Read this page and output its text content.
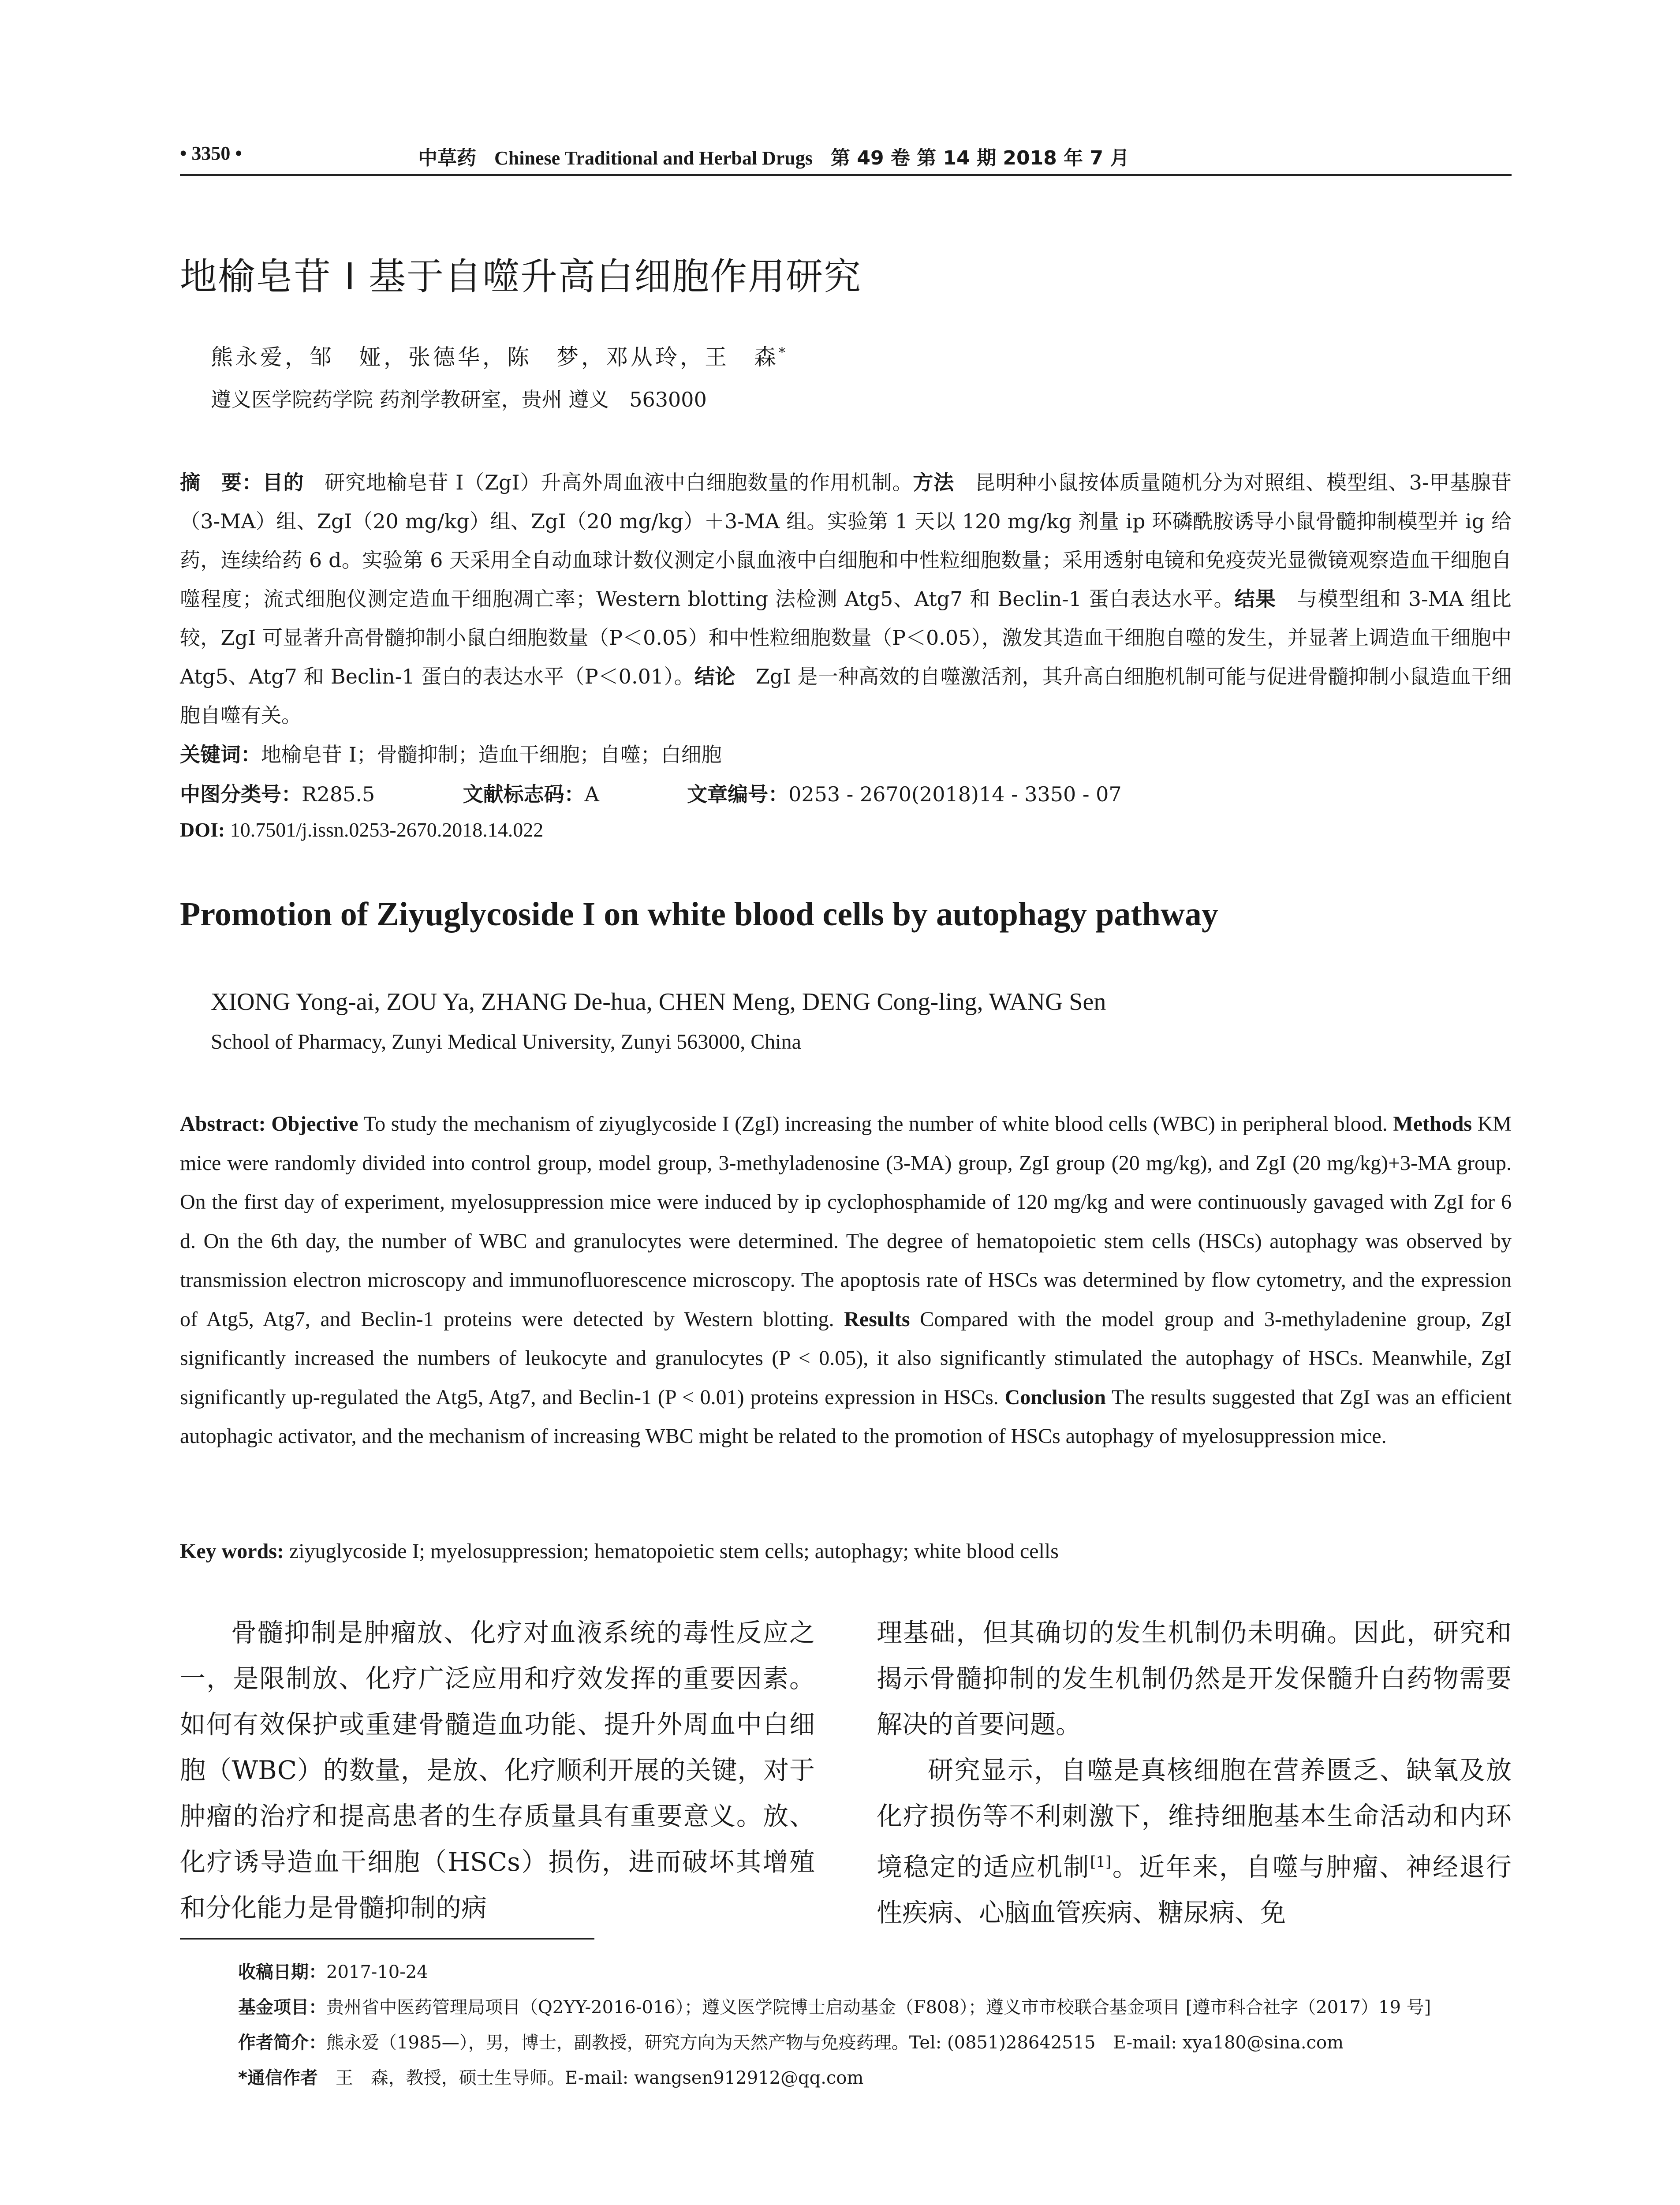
• 3350 •	中草药 Chinese Traditional and Herbal Drugs 第 49 卷 第 14 期 2018 年 7 月
地榆皂苷 I 基于自噬升高白细胞作用研究
熊永爱，邹　娅，张德华，陈　梦，邓从玲，王　森*
遵义医学院药学院 药剂学教研室，贵州 遵义　563000
摘　要：目的　研究地榆皂苷 I（ZgI）升高外周血液中白细胞数量的作用机制。方法　昆明种小鼠按体质量随机分为对照组、模型组、3-甲基腺苷（3-MA）组、ZgI（20 mg/kg）组、ZgI（20 mg/kg）＋3-MA 组。实验第 1 天以 120 mg/kg 剂量 ip 环磷酰胺诱导小鼠骨髓抑制模型并 ig 给药，连续给药 6 d。实验第 6 天采用全自动血球计数仪测定小鼠血液中白细胞和中性粒细胞数量；采用透射电镜和免疫荧光显微镜观察造血干细胞自噬程度；流式细胞仪测定造血干细胞凋亡率；Western blotting 法检测 Atg5、Atg7 和 Beclin-1 蛋白表达水平。结果　与模型组和 3-MA 组比较，ZgI 可显著升高骨髓抑制小鼠白细胞数量（P＜0.05）和中性粒细胞数量（P＜0.05），激发其造血干细胞自噬的发生，并显著上调造血干细胞中 Atg5、Atg7 和 Beclin-1 蛋白的表达水平（P＜0.01）。结论　ZgI 是一种高效的自噬激活剂，其升高白细胞机制可能与促进骨髓抑制小鼠造血干细胞自噬有关。
关键词：地榆皂苷 I；骨髓抑制；造血干细胞；自噬；白细胞
中图分类号：R285.5	文献标志码：A	文章编号：0253 - 2670(2018)14 - 3350 - 07
DOI: 10.7501/j.issn.0253-2670.2018.14.022
Promotion of Ziyuglycoside I on white blood cells by autophagy pathway
XIONG Yong-ai, ZOU Ya, ZHANG De-hua, CHEN Meng, DENG Cong-ling, WANG Sen
School of Pharmacy, Zunyi Medical University, Zunyi 563000, China
Abstract: Objective To study the mechanism of ziyuglycoside I (ZgI) increasing the number of white blood cells (WBC) in peripheral blood. Methods KM mice were randomly divided into control group, model group, 3-methyladenosine (3-MA) group, ZgI group (20 mg/kg), and ZgI (20 mg/kg)+3-MA group. On the first day of experiment, myelosuppression mice were induced by ip cyclophosphamide of 120 mg/kg and were continuously gavaged with ZgI for 6 d. On the 6th day, the number of WBC and granulocytes were determined. The degree of hematopoietic stem cells (HSCs) autophagy was observed by transmission electron microscopy and immunofluorescence microscopy. The apoptosis rate of HSCs was determined by flow cytometry, and the expression of Atg5, Atg7, and Beclin-1 proteins were detected by Western blotting. Results Compared with the model group and 3-methyladenine group, ZgI significantly increased the numbers of leukocyte and granulocytes (P < 0.05), it also significantly stimulated the autophagy of HSCs. Meanwhile, ZgI significantly up-regulated the Atg5, Atg7, and Beclin-1 (P < 0.01) proteins expression in HSCs. Conclusion The results suggested that ZgI was an efficient autophagic activator, and the mechanism of increasing WBC might be related to the promotion of HSCs autophagy of myelosuppression mice.
Key words: ziyuglycoside I; myelosuppression; hematopoietic stem cells; autophagy; white blood cells

骨髓抑制是肿瘤放、化疗对血液系统的毒性反应之一，是限制放、化疗广泛应用和疗效发挥的重要因素。如何有效保护或重建骨髓造血功能、提升外周血中白细胞（WBC）的数量，是放、化疗顺利开展的关键，对于肿瘤的治疗和提高患者的生存质量具有重要意义。放、化疗诱导造血干细胞（HSCs）损伤，进而破坏其增殖和分化能力是骨髓抑制的病

理基础，但其确切的发生机制仍未明确。因此，研究和揭示骨髓抑制的发生机制仍然是开发保髓升白药物需要解决的首要问题。

研究显示，自噬是真核细胞在营养匮乏、缺氧及放化疗损伤等不利刺激下，维持细胞基本生命活动和内环境稳定的适应机制[1]。近年来，自噬与肿瘤、神经退行性疾病、心脑血管疾病、糖尿病、免

收稿日期：2017-10-24
基金项目：贵州省中医药管理局项目（Q2YY-2016-016）；遵义医学院博士启动基金（F808）；遵义市市校联合基金项目 [遵市科合社字（2017）19 号]
作者简介：熊永爱（1985—），男，博士，副教授，研究方向为天然产物与免疫药理。Tel: (0851)28642515　E-mail: xya180@sina.com
*通信作者　王　森，教授，硕士生导师。E-mail: wangsen912912@qq.com
